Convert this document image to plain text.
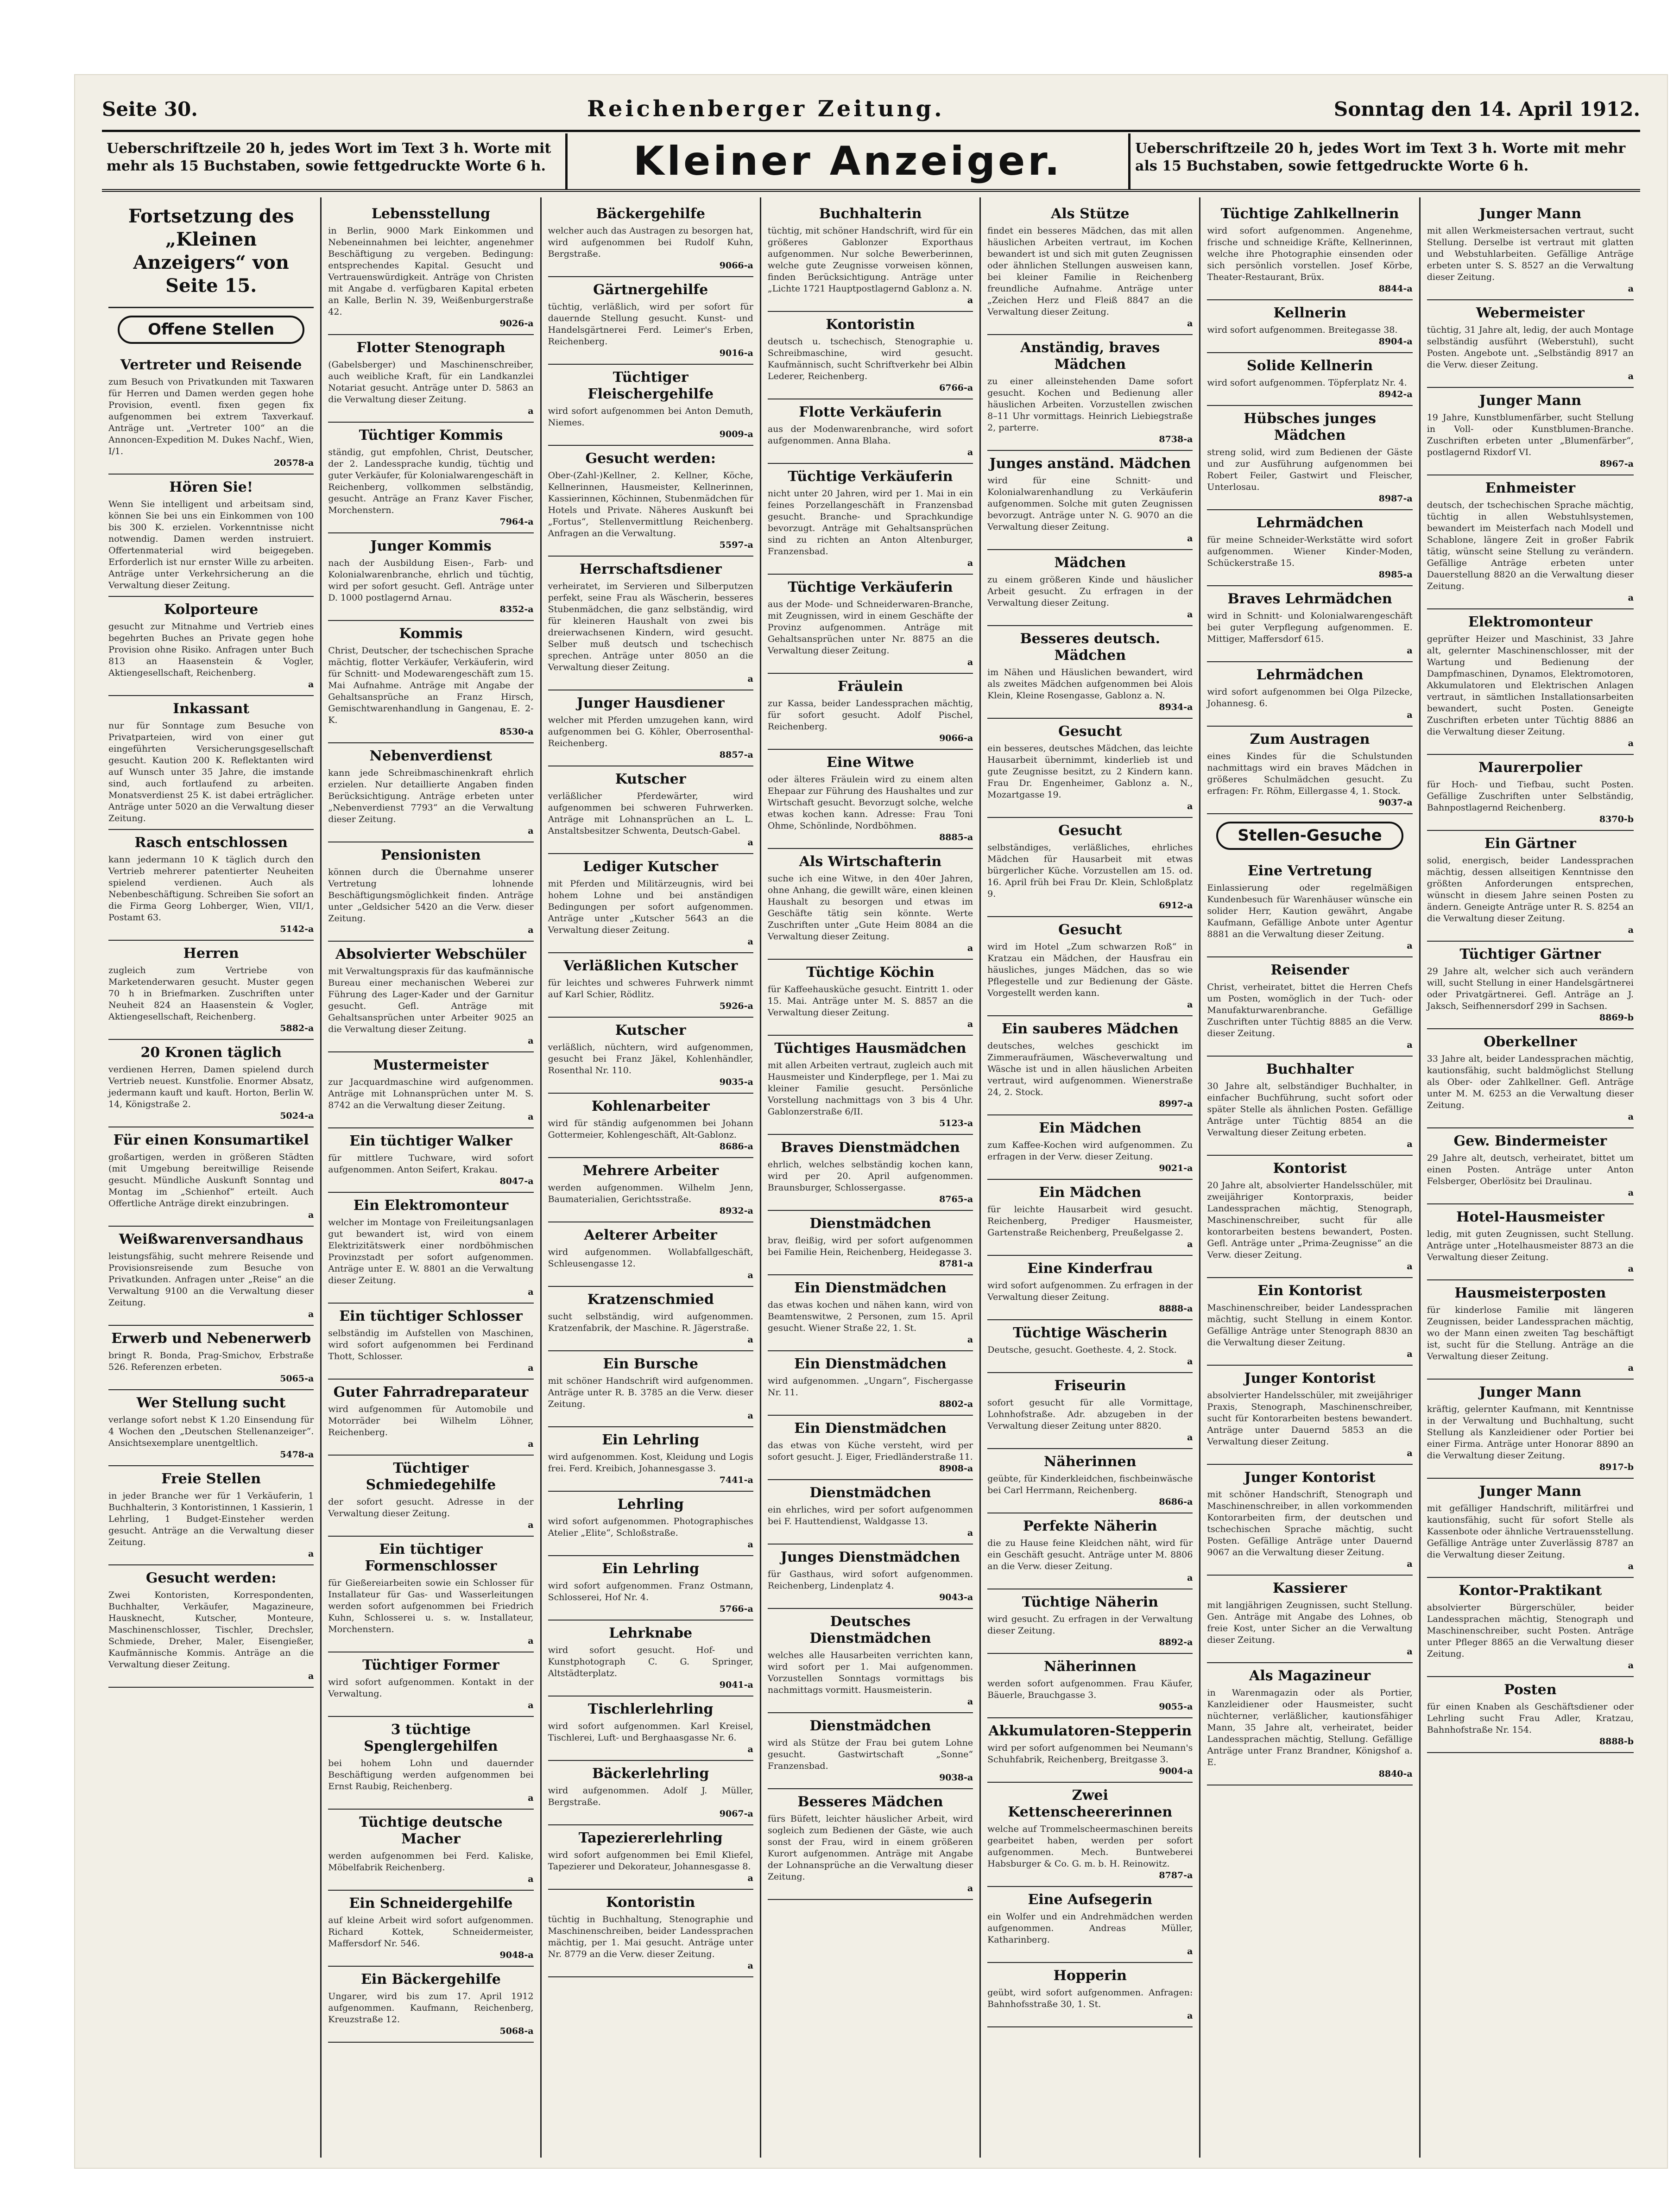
Seite 30.	Reichenberger Zeitung.	Sonntag den 14. April 1912.
Ueberschriftzeile 20 h, jedes Wort im Text 3 h. Worte mit mehr als 15 Buchstaben, sowie fettgedruckte Worte 6 h.	Kleiner Anzeiger.	Ueberschriftzeile 20 h, jedes Wort im Text 3 h. Worte mit mehr als 15 Buchstaben, sowie fettgedruckte Worte 6 h.
Fortsetzung des „Kleinen Anzeigers“ von Seite 15.
Offene Stellen
Vertreter und Reisende

zum Besuch von Privatkunden mit Taxwaren für Herren und Damen werden gegen hohe Provision, eventl. fixen gegen fix aufgenommen bei extrem Taxverkauf. Anträge unt. „Vertreter 100“ an die Annoncen-Expedition M. Dukes Nachf., Wien, I/1.

20578-a
Hören Sie!

Wenn Sie intelligent und arbeitsam sind, können Sie bei uns ein Einkommen von 100 bis 300 K. erzielen. Vorkenntnisse nicht notwendig. Damen werden instruiert. Offertenmaterial wird beigegeben. Erforderlich ist nur ernster Wille zu arbeiten. Anträge unter Verkehrsicherung an die Verwaltung dieser Zeitung.

Kolporteure

gesucht zur Mitnahme und Vertrieb eines begehrten Buches an Private gegen hohe Provision ohne Risiko. Anfragen unter Buch 813 an Haasenstein & Vogler, Aktiengesellschaft, Reichenberg.

a
Inkassant

nur für Sonntage zum Besuche von Privatparteien, wird von einer gut eingeführten Versicherungsgesellschaft gesucht. Kaution 200 K. Reflektanten wird auf Wunsch unter 35 Jahre, die imstande sind, auch fortlaufend zu arbeiten. Monatsverdienst 25 K. ist dabei erträglicher. Anträge unter 5020 an die Verwaltung dieser Zeitung.

Rasch entschlossen

kann jedermann 10 K täglich durch den Vertrieb mehrerer patentierter Neuheiten spielend verdienen. Auch als Nebenbeschäftigung. Schreiben Sie sofort an die Firma Georg Lohberger, Wien, VII/1, Postamt 63.

5142-a
Herren

zugleich zum Vertriebe von Marketenderwaren gesucht. Muster gegen 70 h in Briefmarken. Zuschriften unter Neuheit 824 an Haasenstein & Vogler, Aktiengesellschaft, Reichenberg.

5882-a
20 Kronen täglich

verdienen Herren, Damen spielend durch Vertrieb neuest. Kunstfolie. Enormer Absatz, jedermann kauft und kauft. Horton, Berlin W. 14, Königstraße 2.

5024-a
Für einen Konsumartikel

großartigen, werden in größeren Städten (mit Umgebung bereitwillige Reisende gesucht. Mündliche Auskunft Sonntag und Montag im „Schienhof“ erteilt. Auch Offertliche Anträge direkt einzubringen.

a
Weißwarenversandhaus

leistungsfähig, sucht mehrere Reisende und Provisionsreisende zum Besuche von Privatkunden. Anfragen unter „Reise“ an die Verwaltung 9100 an die Verwaltung dieser Zeitung.

a
Erwerb und Nebenerwerb

bringt R. Bonda, Prag-Smichov, Erbstraße 526. Referenzen erbeten.

5065-a
Wer Stellung sucht

verlange sofort nebst K 1.20 Einsendung für 4 Wochen den „Deutschen Stellenanzeiger“. Ansichtsexemplare unentgeltlich.

5478-a
Freie Stellen

in jeder Branche wer für 1 Verkäuferin, 1 Buchhalterin, 3 Kontoristinnen, 1 Kassierin, 1 Lehrling, 1 Budget-Einsteher werden gesucht. Anträge an die Verwaltung dieser Zeitung.

a
Gesucht werden:

Zwei Kontoristen, Korrespondenten, Buchhalter, Verkäufer, Magazineure, Hausknecht, Kutscher, Monteure, Maschinenschlosser, Tischler, Drechsler, Schmiede, Dreher, Maler, Eisengießer, Kaufmännische Kommis. Anträge an die Verwaltung dieser Zeitung.

a
Lebensstellung

in Berlin, 9000 Mark Einkommen und Nebeneinnahmen bei leichter, angenehmer Beschäftigung zu vergeben. Bedingung: entsprechendes Kapital. Gesucht und Vertrauenswürdigkeit. Anträge von Christen mit Angabe d. verfügbaren Kapital erbeten an Kalle, Berlin N. 39, Weißenburgerstraße 42.

9026-a
Flotter Stenograph

(Gabelsberger) und Maschinenschreiber, auch weibliche Kraft, für ein Landkanzlei Notariat gesucht. Anträge unter D. 5863 an die Verwaltung dieser Zeitung.

a
Tüchtiger Kommis

ständig, gut empfohlen, Christ, Deutscher, der 2. Landessprache kundig, tüchtig und guter Verkäufer, für Kolonialwarengeschäft in Reichenberg, vollkommen selbständig, gesucht. Anträge an Franz Kaver Fischer, Morchenstern.

7964-a
Junger Kommis

nach der Ausbildung Eisen-, Farb- und Kolonialwarenbranche, ehrlich und tüchtig, wird per sofort gesucht. Gefl. Anträge unter D. 1000 postlagernd Arnau.

8352-a
Kommis

Christ, Deutscher, der tschechischen Sprache mächtig, flotter Verkäufer, Verkäuferin, wird für Schnitt- und Modewarengeschäft zum 15. Mai Aufnahme. Anträge mit Angabe der Gehaltsansprüche an Franz Hirsch, Gemischtwarenhandlung in Gangenau, E. 2-K.

8530-a
Nebenverdienst

kann jede Schreibmaschinenkraft ehrlich erzielen. Nur detaillierte Angaben finden Berücksichtigung. Anträge erbeten unter „Nebenverdienst 7793“ an die Verwaltung dieser Zeitung.

a
Pensionisten

können durch die Übernahme unserer Vertretung lohnende Beschäftigungsmöglichkeit finden. Anträge unter „Geldsicher 5420 an die Verw. dieser Zeitung.

a
Absolvierter Webschüler

mit Verwaltungspraxis für das kaufmännische Bureau einer mechanischen Weberei zur Führung des Lager-Kader und der Garnitur gesucht. Gefl. Anträge mit Gehaltsansprüchen unter Arbeiter 9025 an die Verwaltung dieser Zeitung.

a
Mustermeister

zur Jacquardmaschine wird aufgenommen. Anträge mit Lohnansprüchen unter M. S. 8742 an die Verwaltung dieser Zeitung.

a
Ein tüchtiger Walker

für mittlere Tuchware, wird sofort aufgenommen. Anton Seifert, Krakau.

8047-a
Ein Elektromonteur

welcher im Montage von Freileitungsanlagen gut bewandert ist, wird von einem Elektrizitätswerk einer nordböhmischen Provinzstadt per sofort aufgenommen. Anträge unter E. W. 8801 an die Verwaltung dieser Zeitung.

a
Ein tüchtiger Schlosser

selbständig im Aufstellen von Maschinen, wird sofort aufgenommen bei Ferdinand Thott, Schlosser.

a
Guter Fahrradreparateur

wird aufgenommen für Automobile und Motorräder bei Wilhelm Löhner, Reichenberg.

a
Tüchtiger Schmiedegehilfe

der sofort gesucht. Adresse in der Verwaltung dieser Zeitung.

a
Ein tüchtiger Formenschlosser

für Gießereiarbeiten sowie ein Schlosser für Installateur für Gas- und Wasserleitungen werden sofort aufgenommen bei Friedrich Kuhn, Schlosserei u. s. w. Installateur, Morchenstern.

a
Tüchtiger Former

wird sofort aufgenommen. Kontakt in der Verwaltung.

a
3 tüchtige Spenglergehilfen

bei hohem Lohn und dauernder Beschäftigung werden aufgenommen bei Ernst Raubig, Reichenberg.

a
Tüchtige deutsche Macher

werden aufgenommen bei Ferd. Kaliske, Möbelfabrik Reichenberg.

a
Ein Schneidergehilfe

auf kleine Arbeit wird sofort aufgenommen. Richard Kottek, Schneidermeister, Maffersdorf Nr. 546.

9048-a
Ein Bäckergehilfe

Ungarer, wird bis zum 17. April 1912 aufgenommen. Kaufmann, Reichenberg, Kreuzstraße 12.

5068-a
Bäckergehilfe

welcher auch das Austragen zu besorgen hat, wird aufgenommen bei Rudolf Kuhn, Bergstraße.

9066-a
Gärtnergehilfe

tüchtig, verläßlich, wird per sofort für dauernde Stellung gesucht. Kunst- und Handelsgärtnerei Ferd. Leimer's Erben, Reichenberg.

9016-a
Tüchtiger Fleischergehilfe

wird sofort aufgenommen bei Anton Demuth, Niemes.

9009-a
Gesucht werden:

Ober-(Zahl-)Kellner, 2. Kellner, Köche, Kellnerinnen, Hausmeister, Kellnerinnen, Kassierinnen, Köchinnen, Stubenmädchen für Hotels und Private. Näheres Auskunft bei „Fortus“, Stellenvermittlung Reichenberg. Anfragen an die Verwaltung.

5597-a
Herrschaftsdiener

verheiratet, im Servieren und Silberputzen perfekt, seine Frau als Wäscherin, besseres Stubenmädchen, die ganz selbständig, wird für kleineren Haushalt von zwei bis dreierwachsenen Kindern, wird gesucht. Selber muß deutsch und tschechisch sprechen. Anträge unter 8050 an die Verwaltung dieser Zeitung.

a
Junger Hausdiener

welcher mit Pferden umzugehen kann, wird aufgenommen bei G. Köhler, Oberrosenthal-Reichenberg.

8857-a
Kutscher

verläßlicher Pferdewärter, wird aufgenommen bei schweren Fuhrwerken. Anträge mit Lohnansprüchen an L. L. Anstaltsbesitzer Schwenta, Deutsch-Gabel.

a
Lediger Kutscher

mit Pferden und Militärzeugnis, wird bei hohem Lohne und bei anständigen Bedingungen per sofort aufgenommen. Anträge unter „Kutscher 5643 an die Verwaltung dieser Zeitung.

a
Verläßlichen Kutscher

für leichtes und schweres Fuhrwerk nimmt auf Karl Schier, Rödlitz.

5926-a
Kutscher

verläßlich, nüchtern, wird aufgenommen, gesucht bei Franz Jäkel, Kohlenhändler, Rosenthal Nr. 110.

9035-a
Kohlenarbeiter

wird für ständig aufgenommen bei Johann Gottermeier, Kohlengeschäft, Alt-Gablonz.

8686-a
Mehrere Arbeiter

werden aufgenommen. Wilhelm Jenn, Baumaterialien, Gerichtsstraße.

8932-a
Aelterer Arbeiter

wird aufgenommen. Wollabfallgeschäft, Schleusengasse 12.

a
Kratzenschmied

sucht selbständig, wird aufgenommen. Kratzenfabrik, der Maschine. R. Jägerstraße.

a
Ein Bursche

mit schöner Handschrift wird aufgenommen. Anträge unter R. B. 3785 an die Verw. dieser Zeitung.

a
Ein Lehrling

wird aufgenommen. Kost, Kleidung und Logis frei. Ferd. Kreibich, Johannesgasse 3.

7441-a
Lehrling

wird sofort aufgenommen. Photographisches Atelier „Elite“, Schloßstraße.

a
Ein Lehrling

wird sofort aufgenommen. Franz Ostmann, Schlosserei, Hof Nr. 4.

5766-a
Lehrknabe

wird sofort gesucht. Hof- und Kunstphotograph C. G. Springer, Altstädterplatz.

9041-a
Tischlerlehrling

wird sofort aufgenommen. Karl Kreisel, Tischlerei, Luft- und Berghaasgasse Nr. 6.

a
Bäckerlehrling

wird aufgenommen. Adolf J. Müller, Bergstraße.

9067-a
Tapeziererlehrling

wird sofort aufgenommen bei Emil Kliefel, Tapezierer und Dekorateur, Johannesgasse 8.

a
Kontoristin

tüchtig in Buchhaltung, Stenographie und Maschinenschreiben, beider Landessprachen mächtig, per 1. Mai gesucht. Anträge unter Nr. 8779 an die Verw. dieser Zeitung.

a
Buchhalterin

tüchtig, mit schöner Handschrift, wird für ein größeres Gablonzer Exporthaus aufgenommen. Nur solche Bewerberinnen, welche gute Zeugnisse vorweisen können, finden Berücksichtigung. Anträge unter „Lichte 1721 Hauptpostlagernd Gablonz a. N.

a
Kontoristin

deutsch u. tschechisch, Stenographie u. Schreibmaschine, wird gesucht. Kaufmännisch, sucht Schriftverkehr bei Albin Lederer, Reichenberg.

6766-a
Flotte Verkäuferin

aus der Modenwarenbranche, wird sofort aufgenommen. Anna Blaha.

a
Tüchtige Verkäuferin

nicht unter 20 Jahren, wird per 1. Mai in ein feines Porzellangeschäft in Franzensbad gesucht. Branche- und Sprachkundige bevorzugt. Anträge mit Gehaltsansprüchen sind zu richten an Anton Altenburger, Franzensbad.

a
Tüchtige Verkäuferin

aus der Mode- und Schneiderwaren-Branche, mit Zeugnissen, wird in einem Geschäfte der Provinz aufgenommen. Anträge mit Gehaltsansprüchen unter Nr. 8875 an die Verwaltung dieser Zeitung.

a
Fräulein

zur Kassa, beider Landessprachen mächtig, für sofort gesucht. Adolf Pischel, Reichenberg.

9066-a
Eine Witwe

oder älteres Fräulein wird zu einem alten Ehepaar zur Führung des Haushaltes und zur Wirtschaft gesucht. Bevorzugt solche, welche etwas kochen kann. Adresse: Frau Toni Ohme, Schönlinde, Nordböhmen.

8885-a
Als Wirtschafterin

suche ich eine Witwe, in den 40er Jahren, ohne Anhang, die gewillt wäre, einen kleinen Haushalt zu besorgen und etwas im Geschäfte tätig sein könnte. Werte Zuschriften unter „Gute Heim 8084 an die Verwaltung dieser Zeitung.

a
Tüchtige Köchin

für Kaffeehausküche gesucht. Eintritt 1. oder 15. Mai. Anträge unter M. S. 8857 an die Verwaltung dieser Zeitung.

a
Tüchtiges Hausmädchen

mit allen Arbeiten vertraut, zugleich auch mit Hausmeister und Kinderpflege, per 1. Mai zu kleiner Familie gesucht. Persönliche Vorstellung nachmittags von 3 bis 4 Uhr. Gablonzerstraße 6/II.

5123-a
Braves Dienstmädchen

ehrlich, welches selbständig kochen kann, wird per 20. April aufgenommen. Braunsburger, Schlossergasse.

8765-a
Dienstmädchen

brav, fleißig, wird per sofort aufgenommen bei Familie Hein, Reichenberg, Heidegasse 3.

8781-a
Ein Dienstmädchen

das etwas kochen und nähen kann, wird von Beamtenswitwe, 2 Personen, zum 15. April gesucht. Wiener Straße 22, 1. St.

a
Ein Dienstmädchen

wird aufgenommen. „Ungarn“, Fischergasse Nr. 11.

8802-a
Ein Dienstmädchen

das etwas von Küche versteht, wird per sofort gesucht. J. Eiger, Friedländerstraße 11.

8908-a
Dienstmädchen

ein ehrliches, wird per sofort aufgenommen bei F. Hauttendienst, Waldgasse 13.

a
Junges Dienstmädchen

für Gasthaus, wird sofort aufgenommen. Reichenberg, Lindenplatz 4.

9043-a
Deutsches Dienstmädchen

welches alle Hausarbeiten verrichten kann, wird sofort per 1. Mai aufgenommen. Vorzustellen Sonntags vormittags bis nachmittags vormitt. Hausmeisterin.

a
Dienstmädchen

wird als Stütze der Frau bei gutem Lohne gesucht. Gastwirtschaft „Sonne“ Franzensbad.

9038-a
Besseres Mädchen

fürs Büfett, leichter häuslicher Arbeit, wird sogleich zum Bedienen der Gäste, wie auch sonst der Frau, wird in einem größeren Kurort aufgenommen. Anträge mit Angabe der Lohnansprüche an die Verwaltung dieser Zeitung.

a
Als Stütze

findet ein besseres Mädchen, das mit allen häuslichen Arbeiten vertraut, im Kochen bewandert ist und sich mit guten Zeugnissen oder ähnlichen Stellungen ausweisen kann, bei kleiner Familie in Reichenberg freundliche Aufnahme. Anträge unter „Zeichen Herz und Fleiß 8847 an die Verwaltung dieser Zeitung.

a
Anständig, braves Mädchen

zu einer alleinstehenden Dame sofort gesucht. Kochen und Bedienung aller häuslichen Arbeiten. Vorzustellen zwischen 8–11 Uhr vormittags. Heinrich Liebiegstraße 2, parterre.

8738-a
Junges anständ. Mädchen

wird für eine Schnitt- und Kolonialwarenhandlung zu Verkäuferin aufgenommen. Solche mit guten Zeugnissen bevorzugt. Anträge unter N. G. 9070 an die Verwaltung dieser Zeitung.

a
Mädchen

zu einem größeren Kinde und häuslicher Arbeit gesucht. Zu erfragen in der Verwaltung dieser Zeitung.

a
Besseres deutsch. Mädchen

im Nähen und Häuslichen bewandert, wird als zweites Mädchen aufgenommen bei Alois Klein, Kleine Rosengasse, Gablonz a. N.

8934-a
Gesucht

ein besseres, deutsches Mädchen, das leichte Hausarbeit übernimmt, kinderlieb ist und gute Zeugnisse besitzt, zu 2 Kindern kann. Frau Dr. Engenheimer, Gablonz a. N., Mozartgasse 19.

a
Gesucht

selbständiges, verläßliches, ehrliches Mädchen für Hausarbeit mit etwas bürgerlicher Küche. Vorzustellen am 15. od. 16. April früh bei Frau Dr. Klein, Schloßplatz 9.

6912-a
Gesucht

wird im Hotel „Zum schwarzen Roß“ in Kratzau ein Mädchen, der Hausfrau ein häusliches, junges Mädchen, das so wie Pflegestelle und zur Bedienung der Gäste. Vorgestellt werden kann.

a
Ein sauberes Mädchen

deutsches, welches geschickt im Zimmeraufräumen, Wäscheverwaltung und Wäsche ist und in allen häuslichen Arbeiten vertraut, wird aufgenommen. Wienerstraße 24, 2. Stock.

8997-a
Ein Mädchen

zum Kaffee-Kochen wird aufgenommen. Zu erfragen in der Verw. dieser Zeitung.

9021-a
Ein Mädchen

für leichte Hausarbeit wird gesucht. Reichenberg, Prediger Hausmeister, Gartenstraße Reichenberg, Preußelgasse 2.

a
Eine Kinderfrau

wird sofort aufgenommen. Zu erfragen in der Verwaltung dieser Zeitung.

8888-a
Tüchtige Wäscherin

Deutsche, gesucht. Goetheste. 4, 2. Stock.

a
Friseurin

sofort gesucht für alle Vormittage, Lohnhofstraße. Adr. abzugeben in der Verwaltung dieser Zeitung unter 8820.

a
Näherinnen

geübte, für Kinderkleidchen, fischbeinwäsche bei Carl Herrmann, Reichenberg.

8686-a
Perfekte Näherin

die zu Hause feine Kleidchen näht, wird für ein Geschäft gesucht. Anträge unter M. 8806 an die Verw. dieser Zeitung.

a
Tüchtige Näherin

wird gesucht. Zu erfragen in der Verwaltung dieser Zeitung.

8892-a
Näherinnen

werden sofort aufgenommen. Frau Käufer, Bäuerle, Brauchgasse 3.

9055-a
Akkumulatoren-Stepperin

wird per sofort aufgenommen bei Neumann's Schuhfabrik, Reichenberg, Breitgasse 3.

9004-a
Zwei Kettenscheererinnen

welche auf Trommelscheermaschinen bereits gearbeitet haben, werden per sofort aufgenommen. Mech. Buntweberei Habsburger & Co. G. m. b. H. Reinowitz.

8787-a
Eine Aufsegerin

ein Wolfer und ein Andrehmädchen werden aufgenommen. Andreas Müller, Katharinberg.

a
Hopperin

geübt, wird sofort aufgenommen. Anfragen: Bahnhofsstraße 30, 1. St.

a
Tüchtige Zahlkellnerin

wird sofort aufgenommen. Angenehme, frische und schneidige Kräfte, Kellnerinnen, welche ihre Photographie einsenden oder sich persönlich vorstellen. Josef Körbe, Theater-Restaurant, Brüx.

8844-a
Kellnerin

wird sofort aufgenommen. Breitegasse 38.

8904-a
Solide Kellnerin

wird sofort aufgenommen. Töpferplatz Nr. 4.

8942-a
Hübsches junges Mädchen

streng solid, wird zum Bedienen der Gäste und zur Ausführung aufgenommen bei Robert Feiler, Gastwirt und Fleischer, Unterlosau.

8987-a
Lehrmädchen

für meine Schneider-Werkstätte wird sofort aufgenommen. Wiener Kinder-Moden, Schückerstraße 15.

8985-a
Braves Lehrmädchen

wird in Schnitt- und Kolonialwarengeschäft bei guter Verpflegung aufgenommen. E. Mittiger, Maffersdorf 615.

a
Lehrmädchen

wird sofort aufgenommen bei Olga Pilzecke, Johannesg. 6.

a
Zum Austragen

eines Kindes für die Schulstunden nachmittags wird ein braves Mädchen in größeres Schulmädchen gesucht. Zu erfragen: Fr. Röhm, Eillergasse 4, 1. Stock.

9037-a
Stellen-Gesuche
Eine Vertretung

Einlassierung oder regelmäßigen Kundenbesuch für Warenhäuser wünsche ein solider Herr, Kaution gewährt, Angabe Kaufmann, Gefällige Anbote unter Agentur 8881 an die Verwaltung dieser Zeitung.

a
Reisender

Christ, verheiratet, bittet die Herren Chefs um Posten, womöglich in der Tuch- oder Manufakturwarenbranche. Gefällige Zuschriften unter Tüchtig 8885 an die Verw. dieser Zeitung.

a
Buchhalter

30 Jahre alt, selbständiger Buchhalter, in einfacher Buchführung, sucht sofort oder später Stelle als ähnlichen Posten. Gefällige Anträge unter Tüchtig 8854 an die Verwaltung dieser Zeitung erbeten.

a
Kontorist

20 Jahre alt, absolvierter Handelsschüler, mit zweijähriger Kontorpraxis, beider Landessprachen mächtig, Stenograph, Maschinenschreiber, sucht für alle kontorarbeiten bestens bewandert, Posten. Gefl. Anträge unter „Prima-Zeugnisse“ an die Verw. dieser Zeitung.

a
Ein Kontorist

Maschinenschreiber, beider Landessprachen mächtig, sucht Stellung in einem Kontor. Gefällige Anträge unter Stenograph 8830 an die Verwaltung dieser Zeitung.

a
Junger Kontorist

absolvierter Handelsschüler, mit zweijähriger Praxis, Stenograph, Maschinenschreiber, sucht für Kontorarbeiten bestens bewandert. Anträge unter Dauernd 5853 an die Verwaltung dieser Zeitung.

a
Junger Kontorist

mit schöner Handschrift, Stenograph und Maschinenschreiber, in allen vorkommenden Kontorarbeiten firm, der deutschen und tschechischen Sprache mächtig, sucht Posten. Gefällige Anträge unter Dauernd 9067 an die Verwaltung dieser Zeitung.

a
Kassierer

mit langjährigen Zeugnissen, sucht Stellung. Gen. Anträge mit Angabe des Lohnes, ob freie Kost, unter Sicher an die Verwaltung dieser Zeitung.

a
Als Magazineur

in Warenmagazin oder als Portier, Kanzleidiener oder Hausmeister, sucht nüchterner, verläßlicher, kautionsfähiger Mann, 35 Jahre alt, verheiratet, beider Landessprachen mächtig, Stellung. Gefällige Anträge unter Franz Brandner, Königshof a. E.

8840-a
Junger Mann

mit allen Werkmeistersachen vertraut, sucht Stellung. Derselbe ist vertraut mit glatten und Webstuhlarbeiten. Gefällige Anträge erbeten unter S. S. 8527 an die Verwaltung dieser Zeitung.

a
Webermeister

tüchtig, 31 Jahre alt, ledig, der auch Montage selbständig ausführt (Weberstuhl), sucht Posten. Angebote unt. „Selbständig 8917 an die Verw. dieser Zeitung.

a
Junger Mann

19 Jahre, Kunstblumenfärber, sucht Stellung in Voll- oder Kunstblumen-Branche. Zuschriften erbeten unter „Blumenfärber“, postlagernd Rixdorf VI.

8967-a
Enhmeister

deutsch, der tschechischen Sprache mächtig, tüchtig in allen Webstuhlsystemen, bewandert im Meisterfach nach Modell und Schablone, längere Zeit in großer Fabrik tätig, wünscht seine Stellung zu verändern. Gefällige Anträge erbeten unter Dauerstellung 8820 an die Verwaltung dieser Zeitung.

a
Elektromonteur

geprüfter Heizer und Maschinist, 33 Jahre alt, gelernter Maschinenschlosser, mit der Wartung und Bedienung der Dampfmaschinen, Dynamos, Elektromotoren, Akkumulatoren und Elektrischen Anlagen vertraut, in sämtlichen Installationsarbeiten bewandert, sucht Posten. Geneigte Zuschriften erbeten unter Tüchtig 8886 an die Verwaltung dieser Zeitung.

a
Maurerpolier

für Hoch- und Tiefbau, sucht Posten. Gefällige Zuschriften unter Selbständig, Bahnpostlagernd Reichenberg.

8370-b
Ein Gärtner

solid, energisch, beider Landessprachen mächtig, dessen allseitigen Kenntnisse den größten Anforderungen entsprechen, wünscht in diesem Jahre seinen Posten zu ändern. Geneigte Anträge unter R. S. 8254 an die Verwaltung dieser Zeitung.

a
Tüchtiger Gärtner

29 Jahre alt, welcher sich auch verändern will, sucht Stellung in einer Handelsgärtnerei oder Privatgärtnerei. Gefl. Anträge an J. Jaksch, Seifhennersdorf 299 in Sachsen.

8869-b
Oberkellner

33 Jahre alt, beider Landessprachen mächtig, kautionsfähig, sucht baldmöglichst Stellung als Ober- oder Zahlkellner. Gefl. Anträge unter M. M. 6253 an die Verwaltung dieser Zeitung.

a
Gew. Bindermeister

29 Jahre alt, deutsch, verheiratet, bittet um einen Posten. Anträge unter Anton Felsberger, Oberlösitz bei Draulinau.

a
Hotel-Hausmeister

ledig, mit guten Zeugnissen, sucht Stellung. Anträge unter „Hotelhausmeister 8873 an die Verwaltung dieser Zeitung.

a
Hausmeisterposten

für kinderlose Familie mit längeren Zeugnissen, beider Landessprachen mächtig, wo der Mann einen zweiten Tag beschäftigt ist, sucht für die Stellung. Anträge an die Verwaltung dieser Zeitung.

a
Junger Mann

kräftig, gelernter Kaufmann, mit Kenntnisse in der Verwaltung und Buchhaltung, sucht Stellung als Kanzleidiener oder Portier bei einer Firma. Anträge unter Honorar 8890 an die Verwaltung dieser Zeitung.

8917-b
Junger Mann

mit gefälliger Handschrift, militärfrei und kautionsfähig, sucht für sofort Stelle als Kassenbote oder ähnliche Vertrauensstellung. Gefällige Anträge unter Zuverlässig 8787 an die Verwaltung dieser Zeitung.

a
Kontor-Praktikant

absolvierter Bürgerschüler, beider Landessprachen mächtig, Stenograph und Maschinenschreiber, sucht Posten. Anträge unter Pfleger 8865 an die Verwaltung dieser Zeitung.

a
Posten

für einen Knaben als Geschäftsdiener oder Lehrling sucht Frau Adler, Kratzau, Bahnhofstraße Nr. 154.

8888-b
